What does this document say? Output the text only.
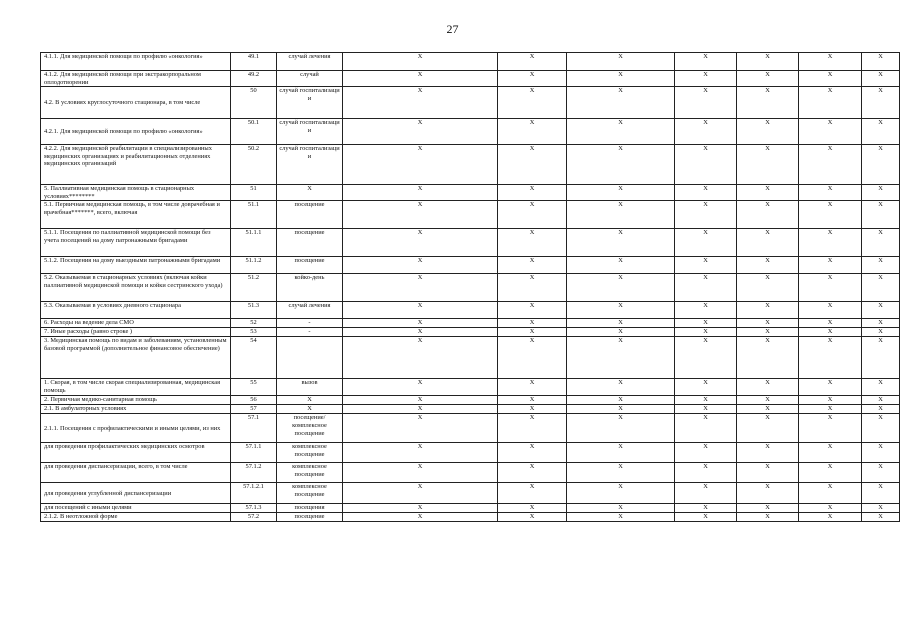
27
4.1.1. Для медицинской помощи по профилю «онкология»	49.1	случай лечения	X	X	X	X	X	X	X
4.1.2. Для медицинской помощи при экстракорпоральном оплодотворении	49.2	случай	X	X	X	X	X	X	X
4.2. В условиях круглосуточного стационара, в том числе	50	случай госпитализаци и	X	X	X	X	X	X	X
4.2.1. Для медицинской помощи по профилю «онкология»	50.1	случай госпитализаци и	X	X	X	X	X	X	X
4.2.2. Для медицинской реабилитации в специализированных медицинских организациях и реабилитационных отделениях медицинских организаций	50.2	случай госпитализаци и	X	X	X	X	X	X	X
5. Паллиативная медицинская помощь в стационарных условиях********	51	X	X	X	X	X	X	X	X
5.1. Первичная медицинская помощь, в том числе доврачебная и врачебная*******, всего, включая	51.1	посещение	X	X	X	X	X	X	X
5.1.1. Посещения по паллиативной медицинской помощи без учета посещений на дому патронажными бригадами	51.1.1	посещение	X	X	X	X	X	X	X
5.1.2. Посещения на дому выездными патронажными бригадами	51.1.2	посещение	X	X	X	X	X	X	X
5.2. Оказываемая в стационарных условиях (включая койки паллиативной медицинской помощи и койки сестринского ухода)	51.2	койко-день	X	X	X	X	X	X	X
5.3. Оказываемая в условиях дневного стационара	51.3	случай лечения	X	X	X	X	X	X	X
6. Расходы на ведение дела СМО	52	-	X	X	X	X	X	X	X
7. Иные расходы (равно строке )	53	-	X	X	X	X	X	X	X
3. Медицинская помощь по видам и заболеваниям, установленным базовой программой (дополнительное финансовое обеспечение)	54		X	X	X	X	X	X	X
1. Скорая, в том числе скорая специализированная, медицинская помощь	55	вызов	X	X	X	X	X	X	X
2. Первичная медико-санитарная помощь	56	X	X	X	X	X	X	X	X
2.1. В амбулаторных условиях	57	X	X	X	X	X	X	X	X
2.1.1. Посещения с профилактическими и иными целями, из них	57.1	посещение/ комплексное посещение	X	X	X	X	X	X	X
для проведения профилактических медицинских осмотров	57.1.1	комплексное посещение	X	X	X	X	X	X	X
для проведения диспансеризации, всего, в том числе	57.1.2	комплексное посещение	X	X	X	X	X	X	X
для проведения углубленной диспансеризации	57.1.2.1	комплексное посещение	X	X	X	X	X	X	X
для посещений с иными целями	57.1.3	посещения	X	X	X	X	X	X	X
2.1.2. В неотложной форме	57.2	посещение	X	X	X	X	X	X	X
